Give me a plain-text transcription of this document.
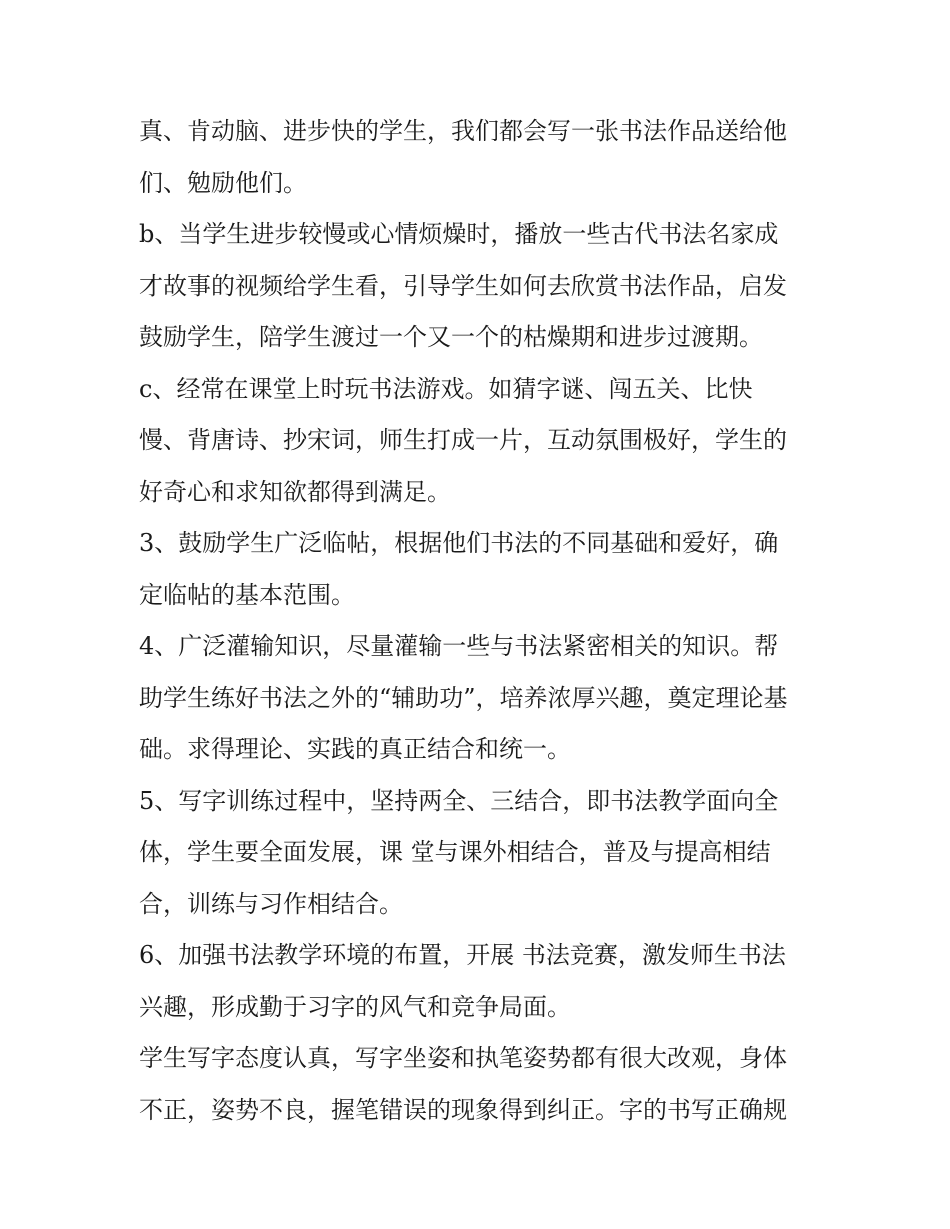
真、肯动脑、进步快的学生，我们都会写一张书法作品送给他
们、勉励他们。
b、当学生进步较慢或心情烦燥时，播放一些古代书法名家成
才故事的视频给学生看，引导学生如何去欣赏书法作品，启发
鼓励学生，陪学生渡过一个又一个的枯燥期和进步过渡期。
c、经常在课堂上时玩书法游戏。如猜字谜、闯五关、比快
慢、背唐诗、抄宋词，师生打成一片，互动氛围极好，学生的
好奇心和求知欲都得到满足。
3、鼓励学生广泛临帖，根据他们书法的不同基础和爱好，确
定临帖的基本范围。
4、广泛灌输知识，尽量灌输一些与书法紧密相关的知识。帮
助学生练好书法之外的“辅助功”，培养浓厚兴趣，奠定理论基
础。求得理论、实践的真正结合和统一。
5、写字训练过程中，坚持两全、三结合，即书法教学面向全
体，学生要全面发展，课 堂与课外相结合，普及与提高相结
合，训练与习作相结合。
6、加强书法教学环境的布置，开展 书法竞赛，激发师生书法
兴趣，形成勤于习字的风气和竞争局面。
学生写字态度认真，写字坐姿和执笔姿势都有很大改观，身体
不正，姿势不良，握笔错误的现象得到纠正。字的书写正确规
